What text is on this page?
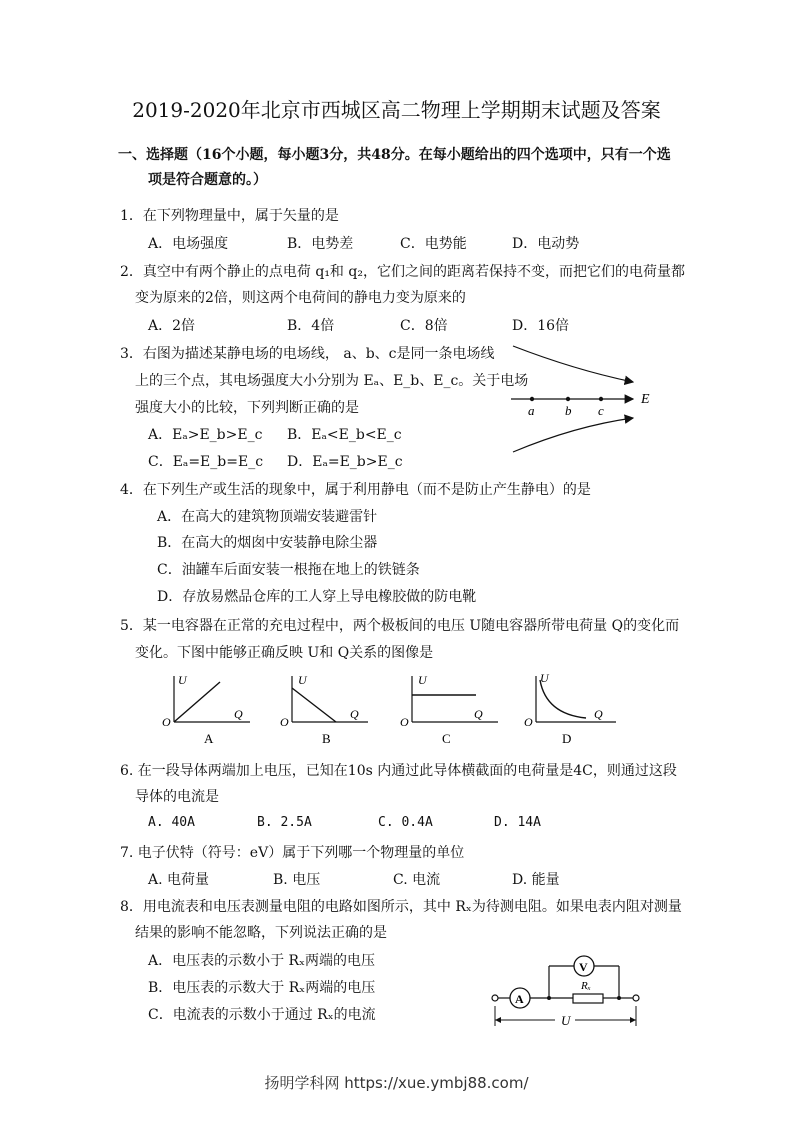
2019-2020年北京市西城区高二物理上学期期末试题及答案
一、选择题（16个小题，每小题3分，共48分。在每小题给出的四个选项中，只有一个选
项是符合题意的。）
1．在下列物理量中，属于矢量的是
A．电场强度	B．电势差	C．电势能	D．电动势
2．真空中有两个静止的点电荷 q₁和 q₂，它们之间的距离若保持不变，而把它们的电荷量都
变为原来的2倍，则这两个电荷间的静电力变为原来的
A．2倍	B．4倍	C．8倍	D．16倍
3．右图为描述某静电场的电场线， a、b、c是同一条电场线
上的三个点，其电场强度大小分别为 Eₐ、E_b、E_c。关于电场
强度大小的比较，下列判断正确的是
A．Eₐ>E_b>E_c B．Eₐ<E_b<E_c
C．Eₐ=E_b=E_c D．Eₐ=E_b>E_c
a b c
E
4．在下列生产或生活的现象中，属于利用静电（而不是防止产生静电）的是
A．在高大的建筑物顶端安装避雷针
B．在高大的烟囱中安装静电除尘器
C．油罐车后面安装一根拖在地上的铁链条
D．存放易燃品仓库的工人穿上导电橡胶做的防电靴
5．某一电容器在正常的充电过程中，两个极板间的电压 U随电容器所带电荷量 Q的变化而
变化。下图中能够正确反映 U和 Q关系的图像是
U
Q
O
A
U
Q
O
B
U
Q
O
C
U
Q
O
D
6. 在一段导体两端加上电压，已知在10s 内通过此导体横截面的电荷量是4C，则通过这段
导体的电流是
A. 40A	B. 2.5A	C. 0.4A	D. 14A
7. 电子伏特（符号：eV）属于下列哪一个物理量的单位
A. 电荷量	B. 电压	C. 电流	D. 能量
8．用电流表和电压表测量电阻的电路如图所示，其中 Rₓ为待测电阻。如果电表内阻对测量
结果的影响不能忽略，下列说法正确的是
A．电压表的示数小于 Rₓ两端的电压
B．电压表的示数大于 Rₓ两端的电压
C．电流表的示数小于通过 Rₓ的电流
A
Rₓ
V
U
扬明学科网 https://xue.ymbj88.com/
